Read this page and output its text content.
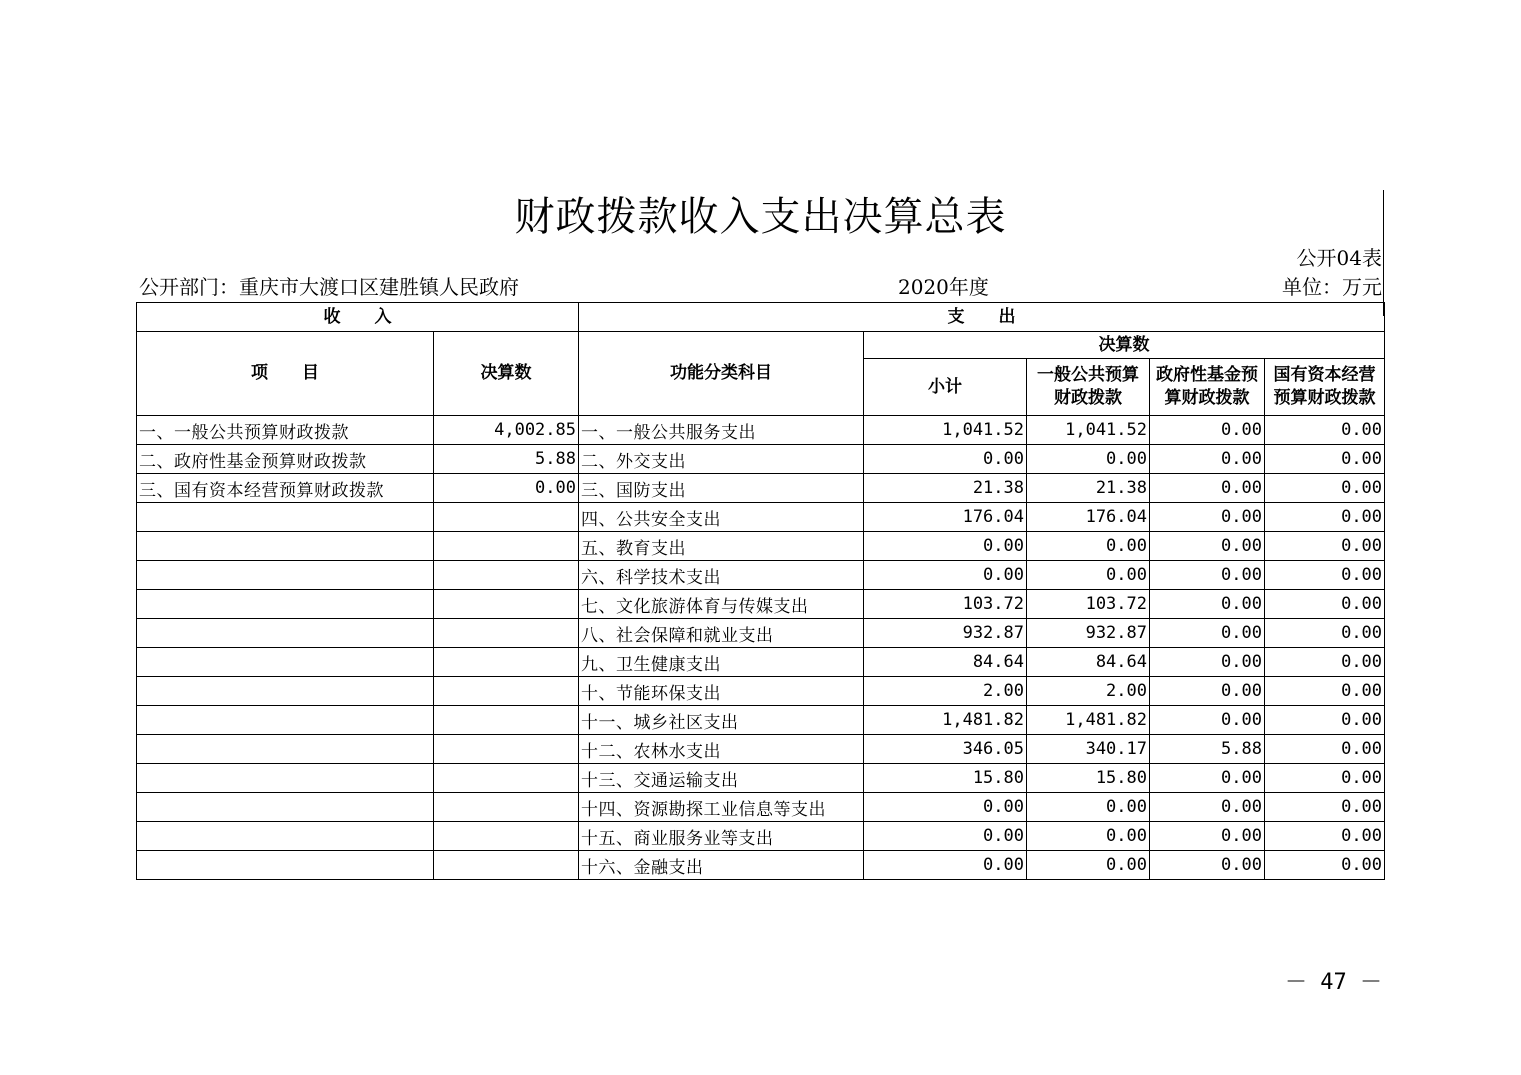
财政拨款收入支出决算总表
公开04表
公开部门：重庆市大渡口区建胜镇人民政府	2020年度	单位：万元
收　　入		支　　出				
项　　目	决算数	功能分类科目	决算数			
			小计	一般公共预算财政拨款	政府性基金预算财政拨款	国有资本经营预算财政拨款
一、一般公共预算财政拨款	4,002.85	一、一般公共服务支出	1,041.52	1,041.52	0.00	0.00
二、政府性基金预算财政拨款	5.88	二、外交支出	0.00	0.00	0.00	0.00
三、国有资本经营预算财政拨款	0.00	三、国防支出	21.38	21.38	0.00	0.00
		四、公共安全支出	176.04	176.04	0.00	0.00
		五、教育支出	0.00	0.00	0.00	0.00
		六、科学技术支出	0.00	0.00	0.00	0.00
		七、文化旅游体育与传媒支出	103.72	103.72	0.00	0.00
		八、社会保障和就业支出	932.87	932.87	0.00	0.00
		九、卫生健康支出	84.64	84.64	0.00	0.00
		十、节能环保支出	2.00	2.00	0.00	0.00
		十一、城乡社区支出	1,481.82	1,481.82	0.00	0.00
		十二、农林水支出	346.05	340.17	5.88	0.00
		十三、交通运输支出	15.80	15.80	0.00	0.00
		十四、资源勘探工业信息等支出	0.00	0.00	0.00	0.00
		十五、商业服务业等支出	0.00	0.00	0.00	0.00
		十六、金融支出	0.00	0.00	0.00	0.00
－ 47 －
